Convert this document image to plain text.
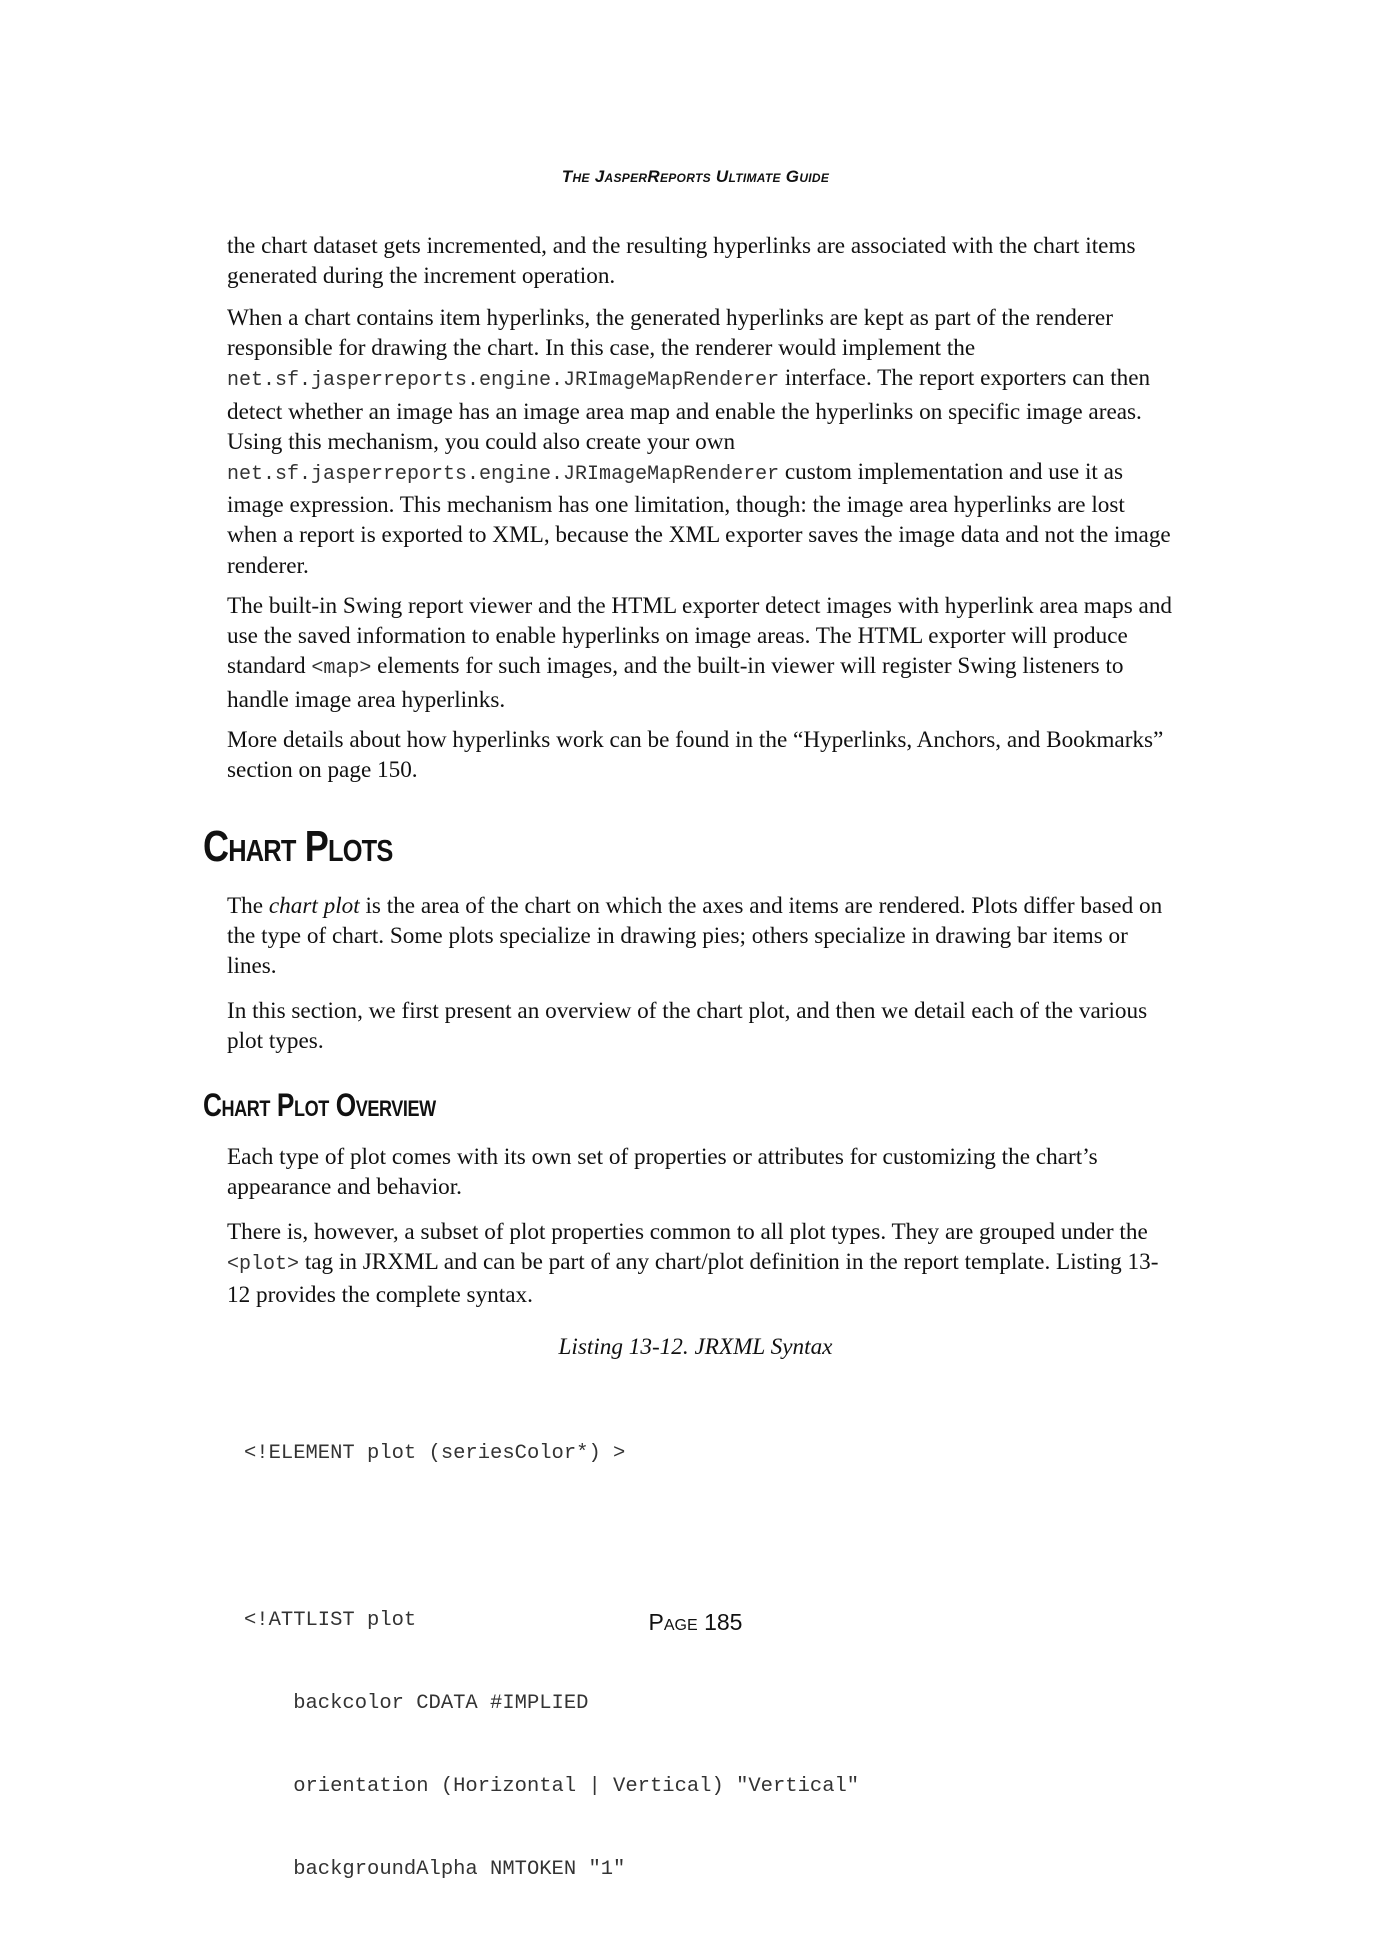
The JasperReports Ultimate Guide

the chart dataset gets incremented, and the resulting hyperlinks are associated with the chart items generated during the increment operation.

When a chart contains item hyperlinks, the generated hyperlinks are kept as part of the renderer responsible for drawing the chart. In this case, the renderer would implement the net.sf.jasperreports.engine.JRImageMapRenderer interface. The report exporters can then detect whether an image has an image area map and enable the hyperlinks on specific image areas. Using this mechanism, you could also create your own net.sf.jasperreports.engine.JRImageMapRenderer custom implementation and use it as image expression. This mechanism has one limitation, though: the image area hyperlinks are lost when a report is exported to XML, because the XML exporter saves the image data and not the image renderer.

The built-in Swing report viewer and the HTML exporter detect images with hyperlink area maps and use the saved information to enable hyperlinks on image areas. The HTML exporter will produce standard <map> elements for such images, and the built-in viewer will register Swing listeners to handle image area hyperlinks.

More details about how hyperlinks work can be found in the “Hyperlinks, Anchors, and Bookmarks” section on page 150.

Chart Plots

The chart plot is the area of the chart on which the axes and items are rendered. Plots differ based on the type of chart. Some plots specialize in drawing pies; others specialize in drawing bar items or lines.

In this section, we first present an overview of the chart plot, and then we detail each of the various plot types.

Chart Plot Overview

Each type of plot comes with its own set of properties or attributes for customizing the chart’s appearance and behavior.

There is, however, a subset of plot properties common to all plot types. They are grouped under the <plot> tag in JRXML and can be part of any chart/plot definition in the report template. Listing 13-12 provides the complete syntax.

Listing 13-12. JRXML Syntax

<!ELEMENT plot (seriesColor*) >

<!ATTLIST plot

backcolor CDATA #IMPLIED

orientation (Horizontal | Vertical) "Vertical"

backgroundAlpha NMTOKEN "1"

Page 185
